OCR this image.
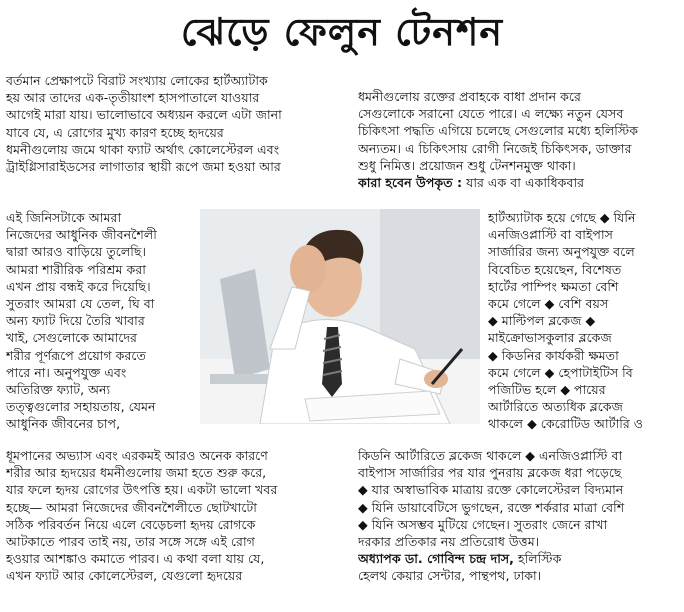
ঝেড়ে ফেলুন টেনশন
বর্তমান প্রেক্ষাপটে বিরাট সংখ্যায় লোকের হার্টঅ্যাটাক
হয় আর তাদের এক-তৃতীয়াংশ হাসপাতালে যাওয়ার
আগেই মারা যায়। ভালোভাবে অধ্যয়ন করলে এটা জানা
যাবে যে, এ রোগের মুখ্য কারণ হচ্ছে হৃদয়ের
ধমনীগুলোয় জমে থাকা ফ্যাট অর্থাৎ কোলেস্টেরল এবং
ট্রাইগ্লিসারাইডসের লাগাতার স্থায়ী রূপে জমা হওয়া আর
এই জিনিসটাকে আমরা
নিজেদের আধুনিক জীবনশৈলী
দ্বারা আরও বাড়িয়ে তুলেছি।
আমরা শারীরিক পরিশ্রম করা
এখন প্রায় বন্ধই করে দিয়েছি।
সুতরাং আমরা যে তেল, ঘি বা
অন্য ফ্যাট দিয়ে তৈরি খাবার
খাই, সেগুলোকে আমাদের
শরীর পূর্ণরূপে প্রয়োগ করতে
পারে না। অনুপযুক্ত এবং
অতিরিক্ত ফ্যাট, অন্য
তত্ত্বগুলোর সহায়তায়, যেমন
আধুনিক জীবনের চাপ,
ধূমপানের অভ্যাস এবং এরকমই আরও অনেক কারণে
শরীর আর হৃদয়ের ধমনীগুলোয় জমা হতে শুরু করে,
যার ফলে হৃদয় রোগের উৎপত্তি হয়। একটা ভালো খবর
হচ্ছে— আমরা নিজেদের জীবনশৈলীতে ছোটখাটো
সঠিক পরিবর্তন নিয়ে এলে বেড়েচলা হৃদয় রোগকে
আটকাতে পারব তাই নয়, তার সঙ্গে সঙ্গে এই রোগ
হওয়ার আশঙ্কাও কমাতে পারব। এ কথা বলা যায় যে,
এখন ফ্যাট আর কোলেস্টেরল, যেগুলো হৃদয়ের
ধমনীগুলোয় রক্তের প্রবাহকে বাধা প্রদান করে
সেগুলোকে সরানো যেতে পারে। এ লক্ষ্যে নতুন যেসব
চিকিৎসা পদ্ধতি এগিয়ে চলেছে সেগুলোর মধ্যে হলিস্টিক
অন্যতম। এ চিকিৎসায় রোগী নিজেই চিকিৎসক, ডাক্তার
শুধু নিমিত্ত। প্রয়োজন শুধু টেনশনমুক্ত থাকা।
কারা হবেন উপকৃত : যার এক বা একাধিকবার
হার্টঅ্যাটাক হয়ে গেছে ◆ যিনি
এনজিওপ্লাস্টি বা বাইপাস
সার্জারির জন্য অনুপযুক্ত বলে
বিবেচিত হয়েছেন, বিশেষত
হার্টের পাম্পিং ক্ষমতা বেশি
কমে গেলে ◆ বেশি বয়স
◆ মাল্টিপল ব্লকেজ ◆
মাইক্রোভাসকুলার ব্লকেজ
◆ কিডনির কার্যকরী ক্ষমতা
কমে গেলে ◆ হেপাটাইটিস বি
পজিটিভ হলে ◆ পায়ের
আর্টারিতে অত্যধিক ব্লকেজ
থাকলে ◆ কেরোটিড আর্টারি ও
কিডনি আর্টারিতে ব্লকেজ থাকলে ◆ এনজিওপ্লাস্টি বা
বাইপাস সার্জারির পর যার পুনরায় ব্লকেজ ধরা পড়েছে
◆ যার অস্বাভাবিক মাত্রায় রক্তে কোলেস্টেরল বিদ্যমান
◆ যিনি ডায়াবেটিসে ভুগছেন, রক্তে শর্করার মাত্রা বেশি
◆ যিনি অসম্ভব মুটিয়ে গেছেন। সুতরাং জেনে রাখা
দরকার প্রতিকার নয় প্রতিরোধ উত্তম।
অধ্যাপক ডা. গোবিন্দ চন্দ্র দাস, হলিস্টিক
হেলথ কেয়ার সেন্টার, পান্থপথ, ঢাকা।
